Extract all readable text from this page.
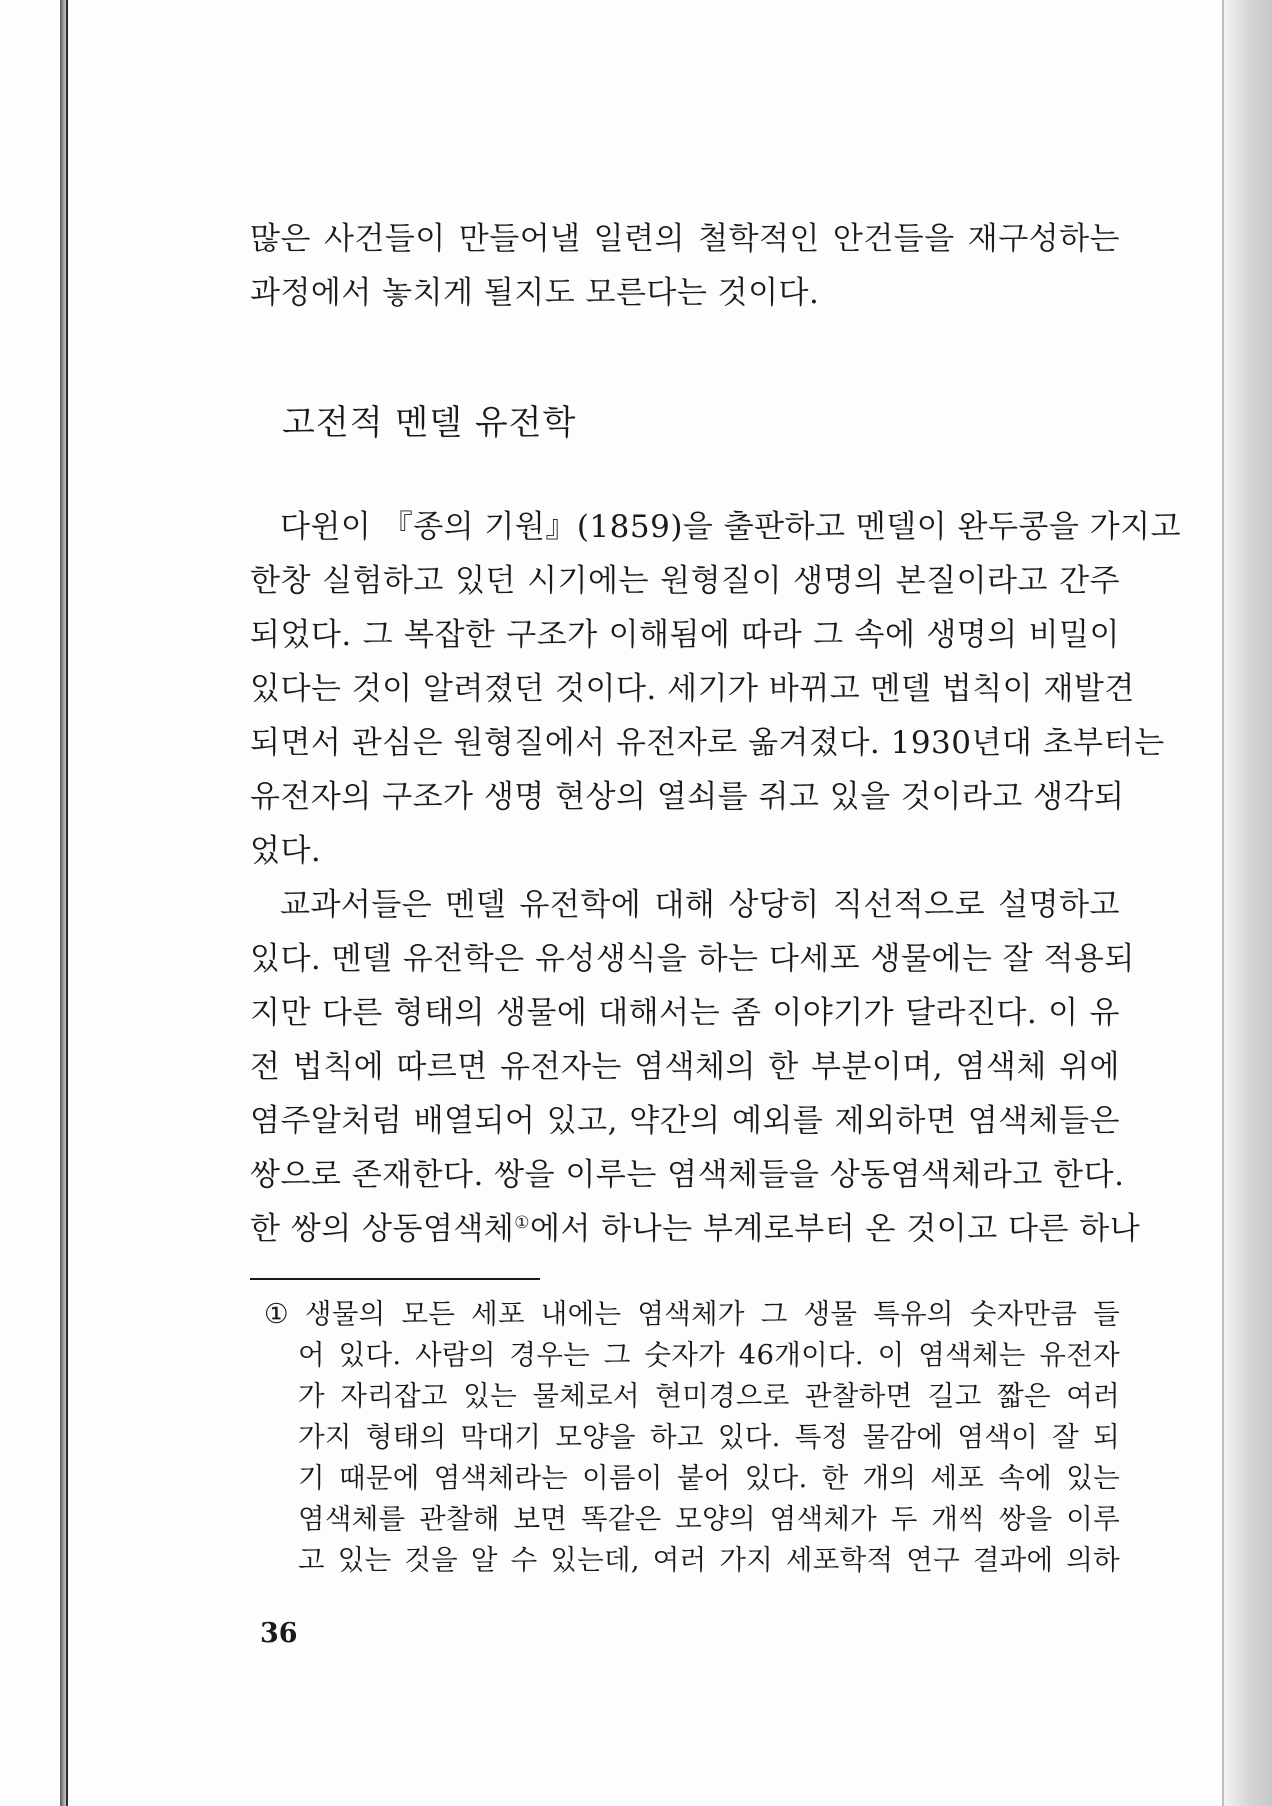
많은 사건들이 만들어낼 일련의 철학적인 안건들을 재구성하는

과정에서 놓치게 될지도 모른다는 것이다.

고전적 멘델 유전학

다윈이 『종의 기원』(1859)을 출판하고 멘델이 완두콩을 가지고

한창 실험하고 있던 시기에는 원형질이 생명의 본질이라고 간주

되었다. 그 복잡한 구조가 이해됨에 따라 그 속에 생명의 비밀이

있다는 것이 알려졌던 것이다. 세기가 바뀌고 멘델 법칙이 재발견

되면서 관심은 원형질에서 유전자로 옮겨졌다. 1930년대 초부터는

유전자의 구조가 생명 현상의 열쇠를 쥐고 있을 것이라고 생각되

었다.

교과서들은 멘델 유전학에 대해 상당히 직선적으로 설명하고

있다. 멘델 유전학은 유성생식을 하는 다세포 생물에는 잘 적용되

지만 다른 형태의 생물에 대해서는 좀 이야기가 달라진다. 이 유

전 법칙에 따르면 유전자는 염색체의 한 부분이며, 염색체 위에

염주알처럼 배열되어 있고, 약간의 예외를 제외하면 염색체들은

쌍으로 존재한다. 쌍을 이루는 염색체들을 상동염색체라고 한다.

한 쌍의 상동염색체①에서 하나는 부계로부터 온 것이고 다른 하나

① 생물의 모든 세포 내에는 염색체가 그 생물 특유의 숫자만큼 들

어 있다. 사람의 경우는 그 숫자가 46개이다. 이 염색체는 유전자

가 자리잡고 있는 물체로서 현미경으로 관찰하면 길고 짧은 여러

가지 형태의 막대기 모양을 하고 있다. 특정 물감에 염색이 잘 되

기 때문에 염색체라는 이름이 붙어 있다. 한 개의 세포 속에 있는

염색체를 관찰해 보면 똑같은 모양의 염색체가 두 개씩 쌍을 이루

고 있는 것을 알 수 있는데, 여러 가지 세포학적 연구 결과에 의하

36
